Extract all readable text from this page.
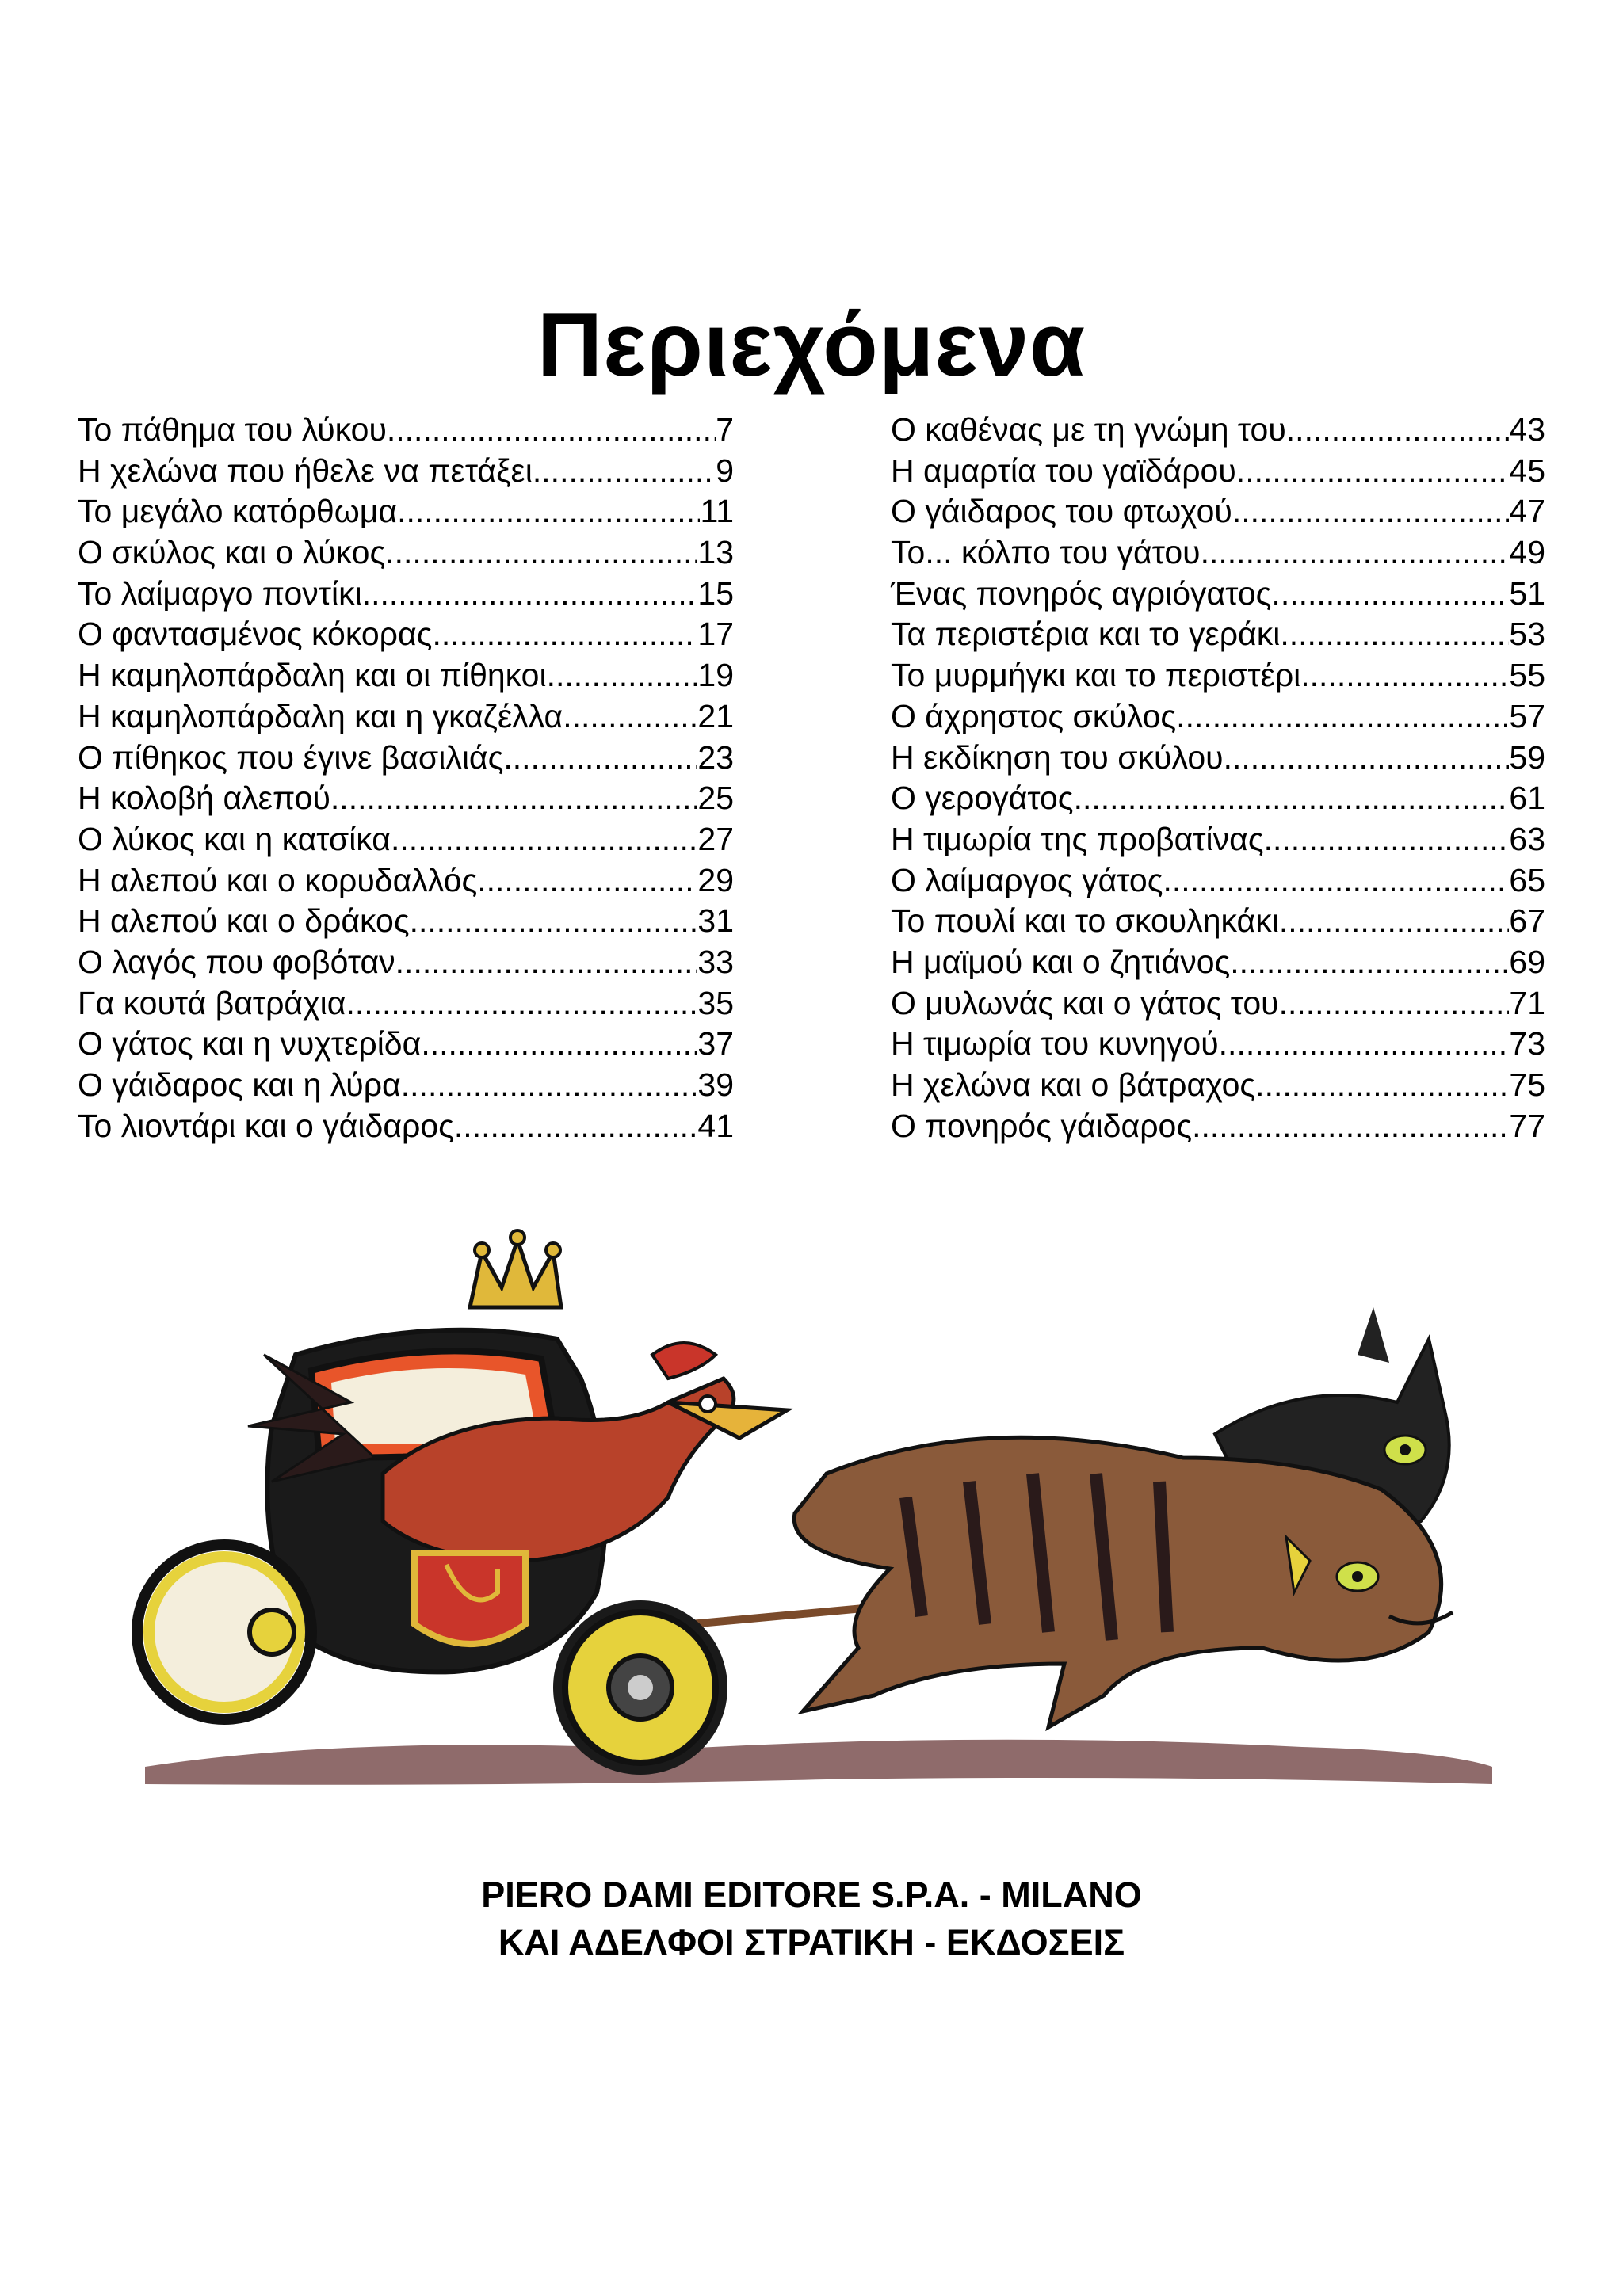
Περιεχόμενα
Το πάθημα του λύκου .....	7
Η χελώνα που ήθελε να πετάξει .....	9
Το μεγάλο κατόρθωμα .....	11
Ο σκύλος και ο λύκος .....	13
Το λαίμαργο ποντίκι .....	15
Ο φαντασμένος κόκορας .....	17
Η καμηλοπάρδαλη και οι πίθηκοι .....	19
Η καμηλοπάρδαλη και η γκαζέλλα .....	21
Ο πίθηκος που έγινε βασιλιάς .....	23
Η κολοβή αλεπού .....	25
Ο λύκος και η κατσίκα .....	27
Η αλεπού και ο κορυδαλλός .....	29
Η αλεπού και ο δράκος .....	31
Ο λαγός που φοβόταν .....	33
Γα κουτά βατράχια .....	35
Ο γάτος και η νυχτερίδα .....	37
Ο γάιδαρος και η λύρα .....	39
Το λιοντάρι και ο γάιδαρος .....	41
Ο καθένας με τη γνώμη του .....	43
Η αμαρτία του γαϊδάρου .....	45
Ο γάιδαρος του φτωχού .....	47
Το... κόλπο του γάτου .....	49
Ένας πονηρός αγριόγατος .....	51
Τα περιστέρια και το γεράκι .....	53
Το μυρμήγκι και το περιστέρι .....	55
Ο άχρηστος σκύλος .....	57
Η εκδίκηση του σκύλου .....	59
Ο γερογάτος .....	61
Η τιμωρία της προβατίνας .....	63
Ο λαίμαργος γάτος .....	65
Το πουλί και το σκουληκάκι .....	67
Η μαϊμού και ο ζητιάνος .....	69
Ο μυλωνάς και ο γάτος του .....	71
Η τιμωρία του κυνηγού .....	73
Η χελώνα και ο βάτραχος .....	75
Ο πονηρός γάιδαρος .....	77
PIERO DAMI EDITORE S.P.A. - MILANO
ΚΑΙ ΑΔΕΛΦΟΙ ΣΤΡΑΤΙΚΗ - ΕΚΔΟΣΕΙΣ
